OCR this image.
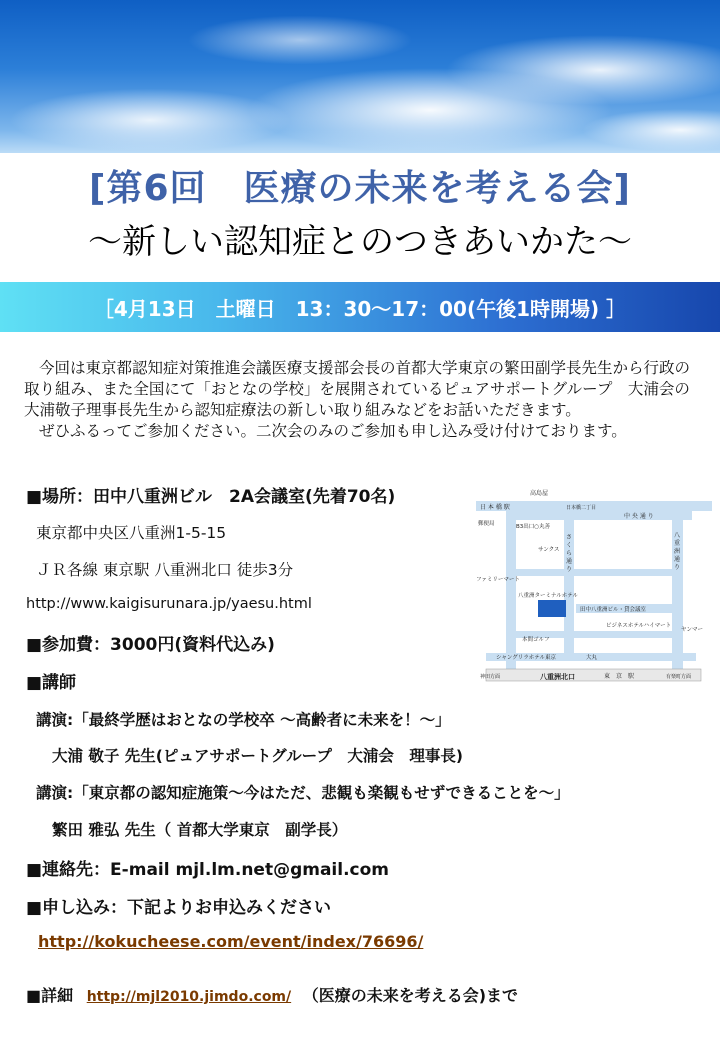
[第6回　医療の未来を考える会]
～新しい認知症とのつきあいかた～
［4月13日　土曜日　13：30～17：00(午後1時開場) ］

今回は東京都認知症対策推進会議医療支援部会長の首都大学東京の繁田副学長先生から行政の取り組み、また全国にて「おとなの学校」を展開されているピュアサポートグループ　大浦会の大浦敬子理事長先生から認知症療法の新しい取り組みなどをお話いただきます。

ぜひふるってご参加ください。二次会のみのご参加も申し込み受け付けております。

■場所：田中八重洲ビル　2A会議室(先着70名)
東京都中央区八重洲1-5-15
ＪＲ各線 東京駅 八重洲北口 徒歩3分
http://www.kaigisurunara.jp/yaesu.html
■参加費：3000円(資料代込み)
■講師
講演:「最終学歴はおとなの学校卒 ～高齢者に未来を！～」
大浦 敬子 先生(ピュアサポートグループ　大浦会　理事長)
講演:「東京都の認知症施策～今はただ、悲観も楽観もせずできることを～」
繁田 雅弘 先生（ 首都大学東京　副学長）
■連絡先：E-mail mjl.lm.net@gmail.com
■申し込み：下記よりお申込みください
http://kokucheese.com/event/index/76696/
■詳細 http://mjl2010.jimdo.com/ （医療の未来を考える会)まで
高島屋
日 本 橋 駅	日本橋二丁目
中 央 通 り
郵便局	B3出口○丸善
サンクス
ファミリーマート
八重洲ターミナルホテル
田中八重洲ビル・貸会議室
ビジネスホテルハイマート
ヤンマー
本間ゴルフ
シャングリラホテル東京	大丸
神田方面	八重洲北口	東　京　駅	有楽町方面
さ
く
ら
通
り
八
重
洲
通
り
